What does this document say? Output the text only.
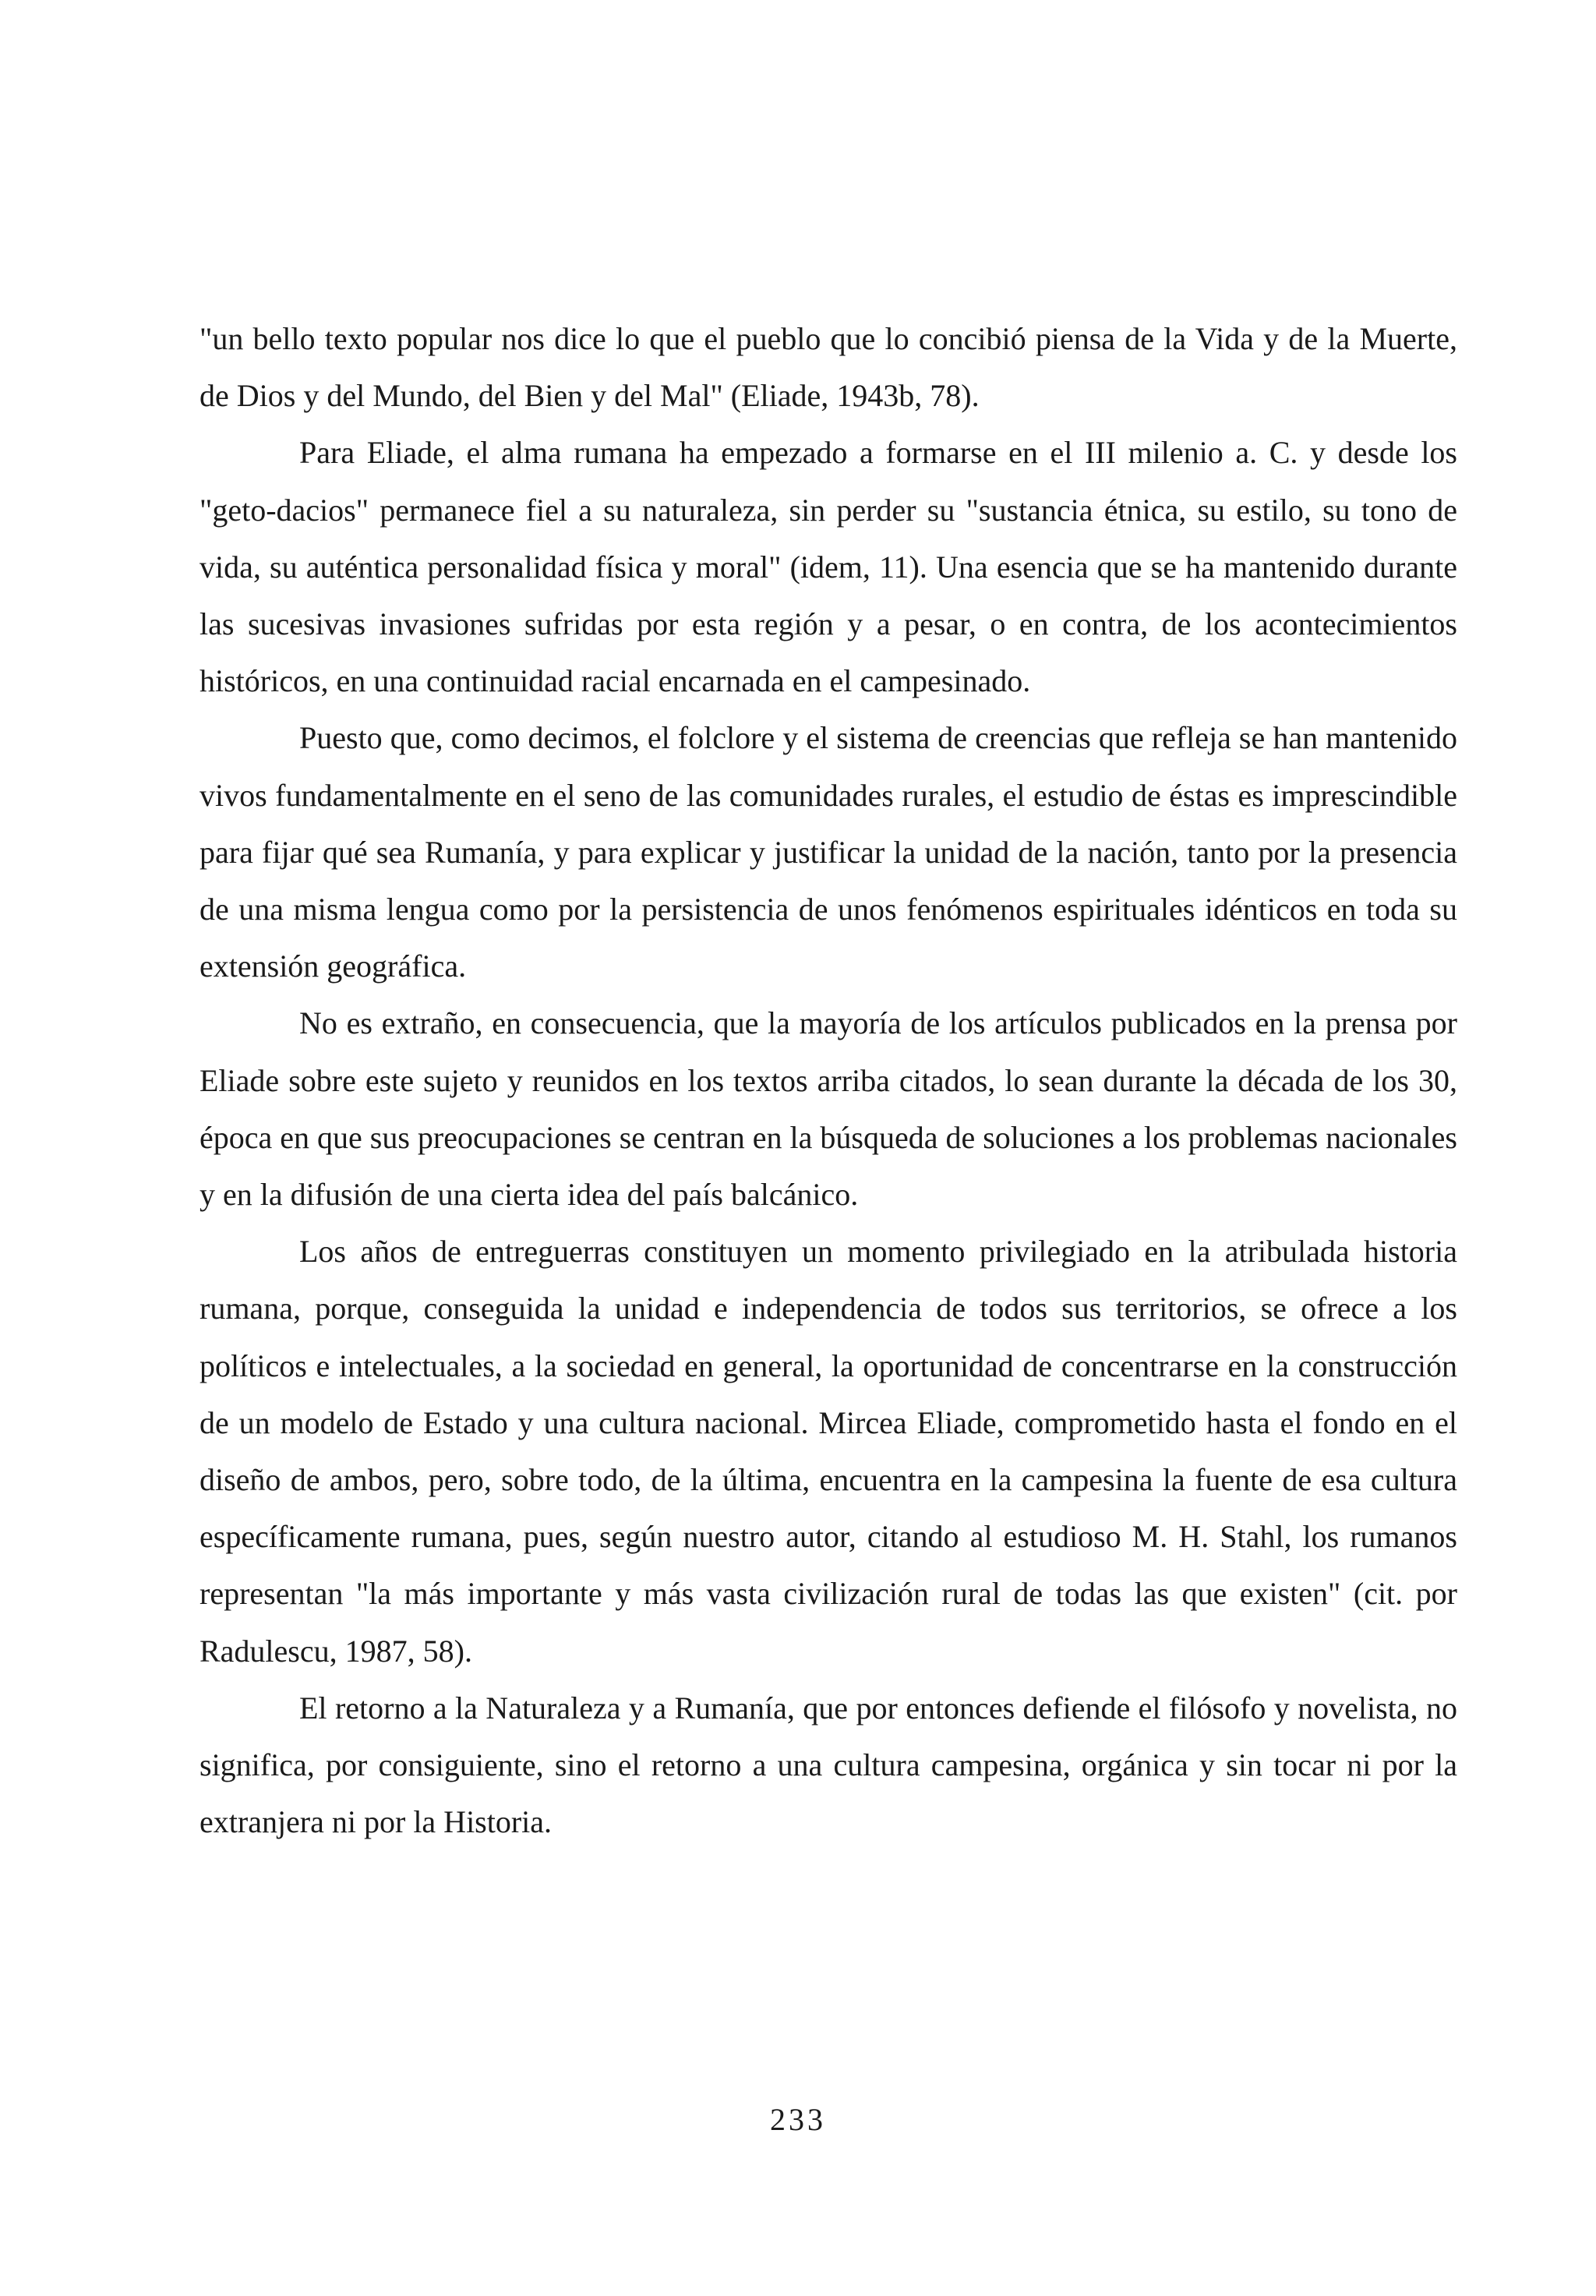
"un bello texto popular nos dice lo que el pueblo que lo concibió piensa de la Vida y de la Muerte, de Dios y del Mundo, del Bien y del Mal" (Eliade, 1943b, 78).

Para Eliade, el alma rumana ha empezado a formarse en el III milenio a. C. y desde los "geto-dacios" permanece fiel a su naturaleza, sin perder su "sustancia étnica, su estilo, su tono de vida, su auténtica personalidad física y moral" (idem, 11). Una esencia que se ha mantenido durante las sucesivas invasiones sufridas por esta región y a pesar, o en contra, de los acontecimientos históricos, en una continuidad racial encarnada en el campesinado.

Puesto que, como decimos, el folclore y el sistema de creencias que refleja se han mantenido vivos fundamentalmente en el seno de las comunidades rurales, el estudio de éstas es imprescindible para fijar qué sea Rumanía, y para explicar y justificar la unidad de la nación, tanto por la presencia de una misma lengua como por la persistencia de unos fenómenos espirituales idénticos en toda su extensión geográfica.

No es extraño, en consecuencia, que la mayoría de los artículos publicados en la prensa por Eliade sobre este sujeto y reunidos en los textos arriba citados, lo sean durante la década de los 30, época en que sus preocupaciones se centran en la búsqueda de soluciones a los problemas nacionales y en la difusión de una cierta idea del país balcánico.

Los años de entreguerras constituyen un momento privilegiado en la atribulada historia rumana, porque, conseguida la unidad e independencia de todos sus territorios, se ofrece a los políticos e intelectuales, a la sociedad en general, la oportunidad de concentrarse en la construcción de un modelo de Estado y una cultura nacional. Mircea Eliade, comprometido hasta el fondo en el diseño de ambos, pero, sobre todo, de la última, encuentra en la campesina la fuente de esa cultura específicamente rumana, pues, según nuestro autor, citando al estudioso M. H. Stahl, los rumanos representan "la más importante y más vasta civilización rural de todas las que existen" (cit. por Radulescu, 1987, 58).

El retorno a la Naturaleza y a Rumanía, que por entonces defiende el filósofo y novelista, no significa, por consiguiente, sino el retorno a una cultura campesina, orgánica y sin tocar ni por la extranjera ni por la Historia.

233
